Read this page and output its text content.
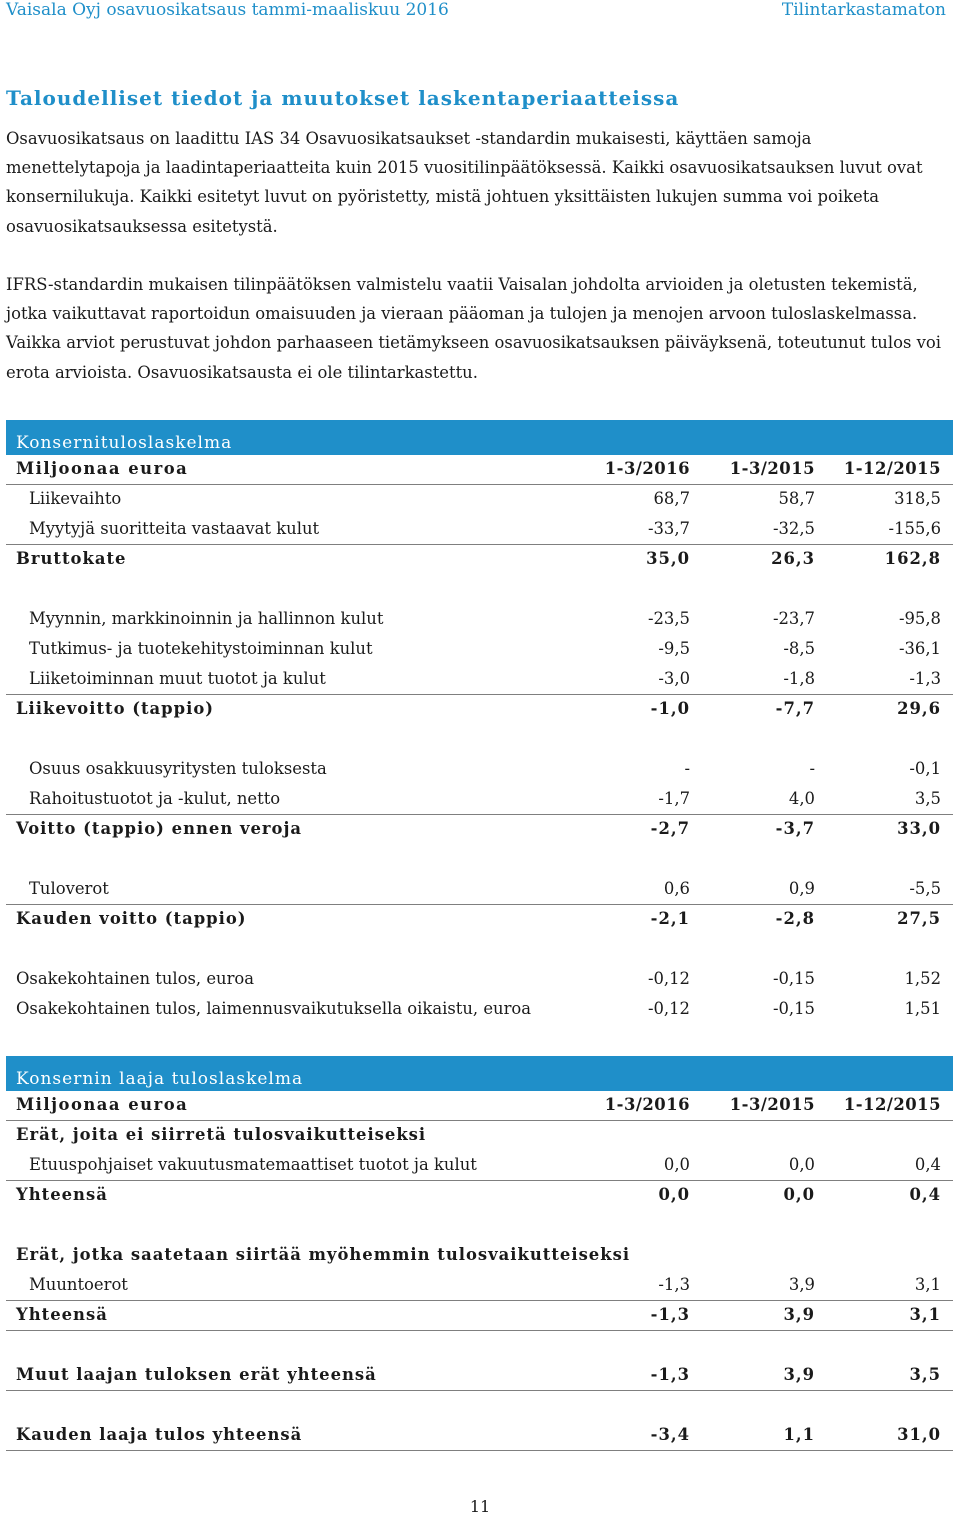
Vaisala Oyj osavuosikatsaus tammi-maaliskuu 2016	Tilintarkastamaton
Taloudelliset tiedot ja muutokset laskentaperiaatteissa

Osavuosikatsaus on laadittu IAS 34 Osavuosikatsaukset -standardin mukaisesti, käyttäen samoja menettelytapoja ja laadintaperiaatteita kuin 2015 vuositilinpäätöksessä. Kaikki osavuosikatsauksen luvut ovat konsernilukuja. Kaikki esitetyt luvut on pyöristetty, mistä johtuen yksittäisten lukujen summa voi poiketa osavuosikatsauksessa esitetystä.

IFRS-standardin mukaisen tilinpäätöksen valmistelu vaatii Vaisalan johdolta arvioiden ja oletusten tekemistä, jotka vaikuttavat raportoidun omaisuuden ja vieraan pääoman ja tulojen ja menojen arvoon tuloslaskelmassa. Vaikka arviot perustuvat johdon parhaaseen tietämykseen osavuosikatsauksen päiväyksenä, toteutunut tulos voi erota arvioista. Osavuosikatsausta ei ole tilintarkastettu.

Konsernituloslaskelma
Miljoonaa euroa	1-3/2016 1-3/2015 1-12/2015
Liikevaihto	68,7	58,7	318,5
Myytyjä suoritteita vastaavat kulut	-33,7	-32,5	-155,6
Bruttokate	35,0	26,3	162,8
Myynnin, markkinoinnin ja hallinnon kulut	-23,5	-23,7	-95,8
Tutkimus- ja tuotekehitystoiminnan kulut	-9,5	-8,5	-36,1
Liiketoiminnan muut tuotot ja kulut	-3,0	-1,8	-1,3
Liikevoitto (tappio)	-1,0	-7,7	29,6
Osuus osakkuusyritysten tuloksesta	-	-	-0,1
Rahoitustuotot ja -kulut, netto	-1,7	4,0	3,5
Voitto (tappio) ennen veroja	-2,7	-3,7	33,0
Tuloverot	0,6	0,9	-5,5
Kauden voitto (tappio)	-2,1	-2,8	27,5
Osakekohtainen tulos, euroa	-0,12	-0,15	1,52
Osakekohtainen tulos, laimennusvaikutuksella oikaistu, euroa	-0,12	-0,15	1,51
Konsernin laaja tuloslaskelma
Miljoonaa euroa	1-3/2016 1-3/2015 1-12/2015
Erät, joita ei siirretä tulosvaikutteiseksi
Etuuspohjaiset vakuutusmatemaattiset tuotot ja kulut	0,0	0,0	0,4
Yhteensä	0,0	0,0	0,4
Erät, jotka saatetaan siirtää myöhemmin tulosvaikutteiseksi
Muuntoerot	-1,3	3,9	3,1
Yhteensä	-1,3	3,9	3,1
Muut laajan tuloksen erät yhteensä	-1,3	3,9	3,5
Kauden laaja tulos yhteensä	-3,4	1,1	31,0
11
